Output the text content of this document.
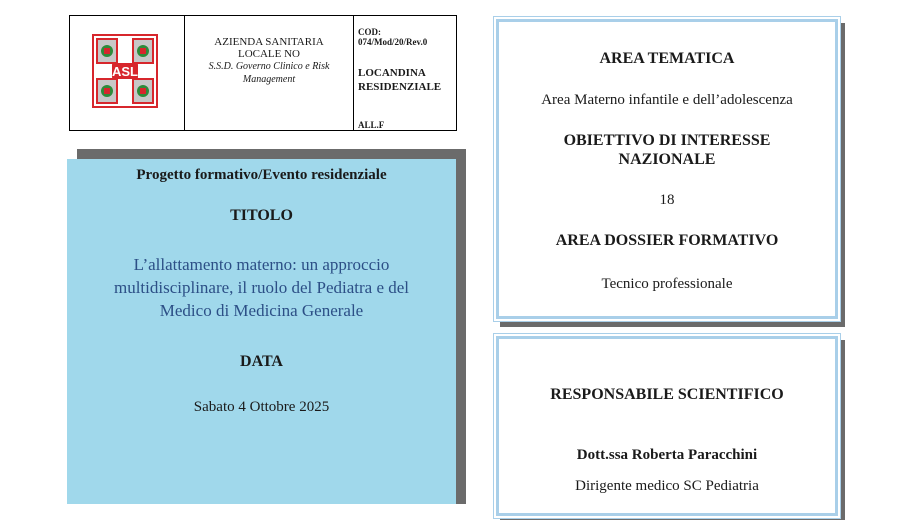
ASL
AZIENDA SANITARIA
LOCALE NO
S.S.D. Governo Clinico e Risk
Management
COD:
074/Mod/20/Rev.0
LOCANDINA
RESIDENZIALE
ALL.F
Progetto formativo/Evento residenziale
TITOLO
L’allattamento materno: un approccio
multidisciplinare, il ruolo del Pediatra e del
Medico di Medicina Generale
DATA
Sabato 4 Ottobre 2025
AREA TEMATICA
Area Materno infantile e dell’adolescenza
OBIETTIVO DI INTERESSE
NAZIONALE
18
AREA DOSSIER FORMATIVO
Tecnico professionale
RESPONSABILE SCIENTIFICO
Dott.ssa Roberta Paracchini
Dirigente medico SC Pediatria
